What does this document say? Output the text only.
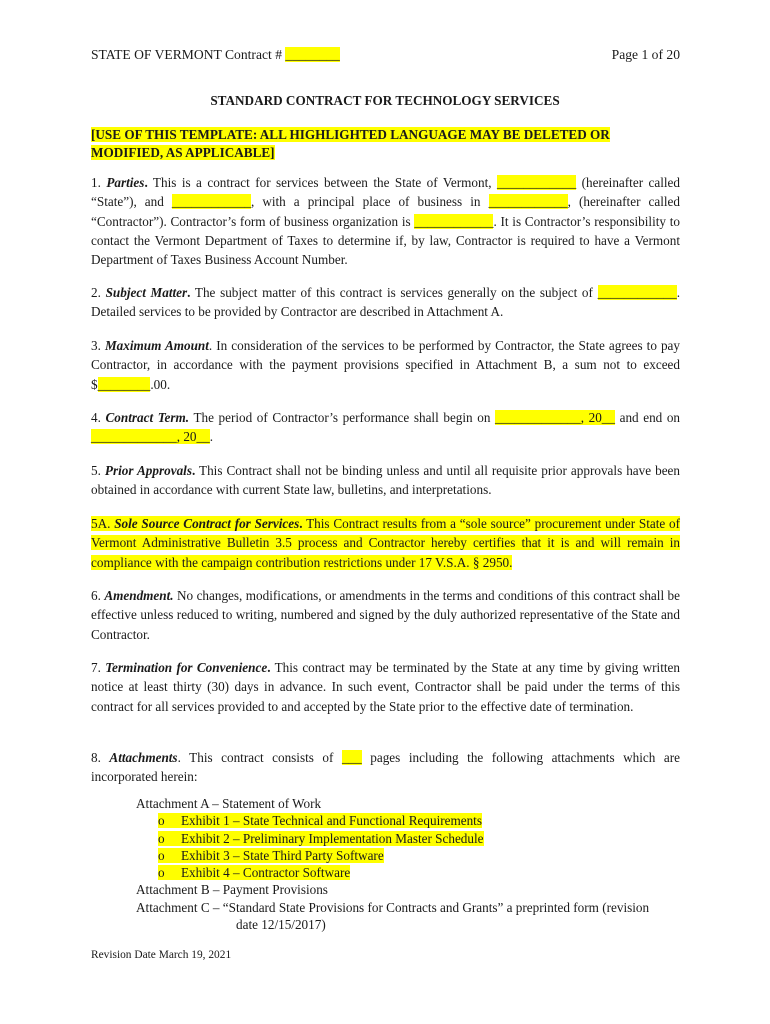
STATE OF VERMONT Contract # ________	Page 1 of 20
STANDARD CONTRACT FOR TECHNOLOGY SERVICES
[USE OF THIS TEMPLATE: ALL HIGHLIGHTED LANGUAGE MAY BE DELETED OR MODIFIED, AS APPLICABLE]
1. Parties. This is a contract for services between the State of Vermont, ____________ (hereinafter called “State”), and ____________, with a principal place of business in ____________, (hereinafter called “Contractor”). Contractor’s form of business organization is ____________. It is Contractor’s responsibility to contact the Vermont Department of Taxes to determine if, by law, Contractor is required to have a Vermont Department of Taxes Business Account Number.
2. Subject Matter. The subject matter of this contract is services generally on the subject of ____________. Detailed services to be provided by Contractor are described in Attachment A.
3. Maximum Amount. In consideration of the services to be performed by Contractor, the State agrees to pay Contractor, in accordance with the payment provisions specified in Attachment B, a sum not to exceed $________.00.
4. Contract Term. The period of Contractor’s performance shall begin on _____________, 20__ and end on _____________, 20__.
5. Prior Approvals. This Contract shall not be binding unless and until all requisite prior approvals have been obtained in accordance with current State law, bulletins, and interpretations.
5A. Sole Source Contract for Services. This Contract results from a “sole source” procurement under State of Vermont Administrative Bulletin 3.5 process and Contractor hereby certifies that it is and will remain in compliance with the campaign contribution restrictions under 17 V.S.A. § 2950.
6. Amendment. No changes, modifications, or amendments in the terms and conditions of this contract shall be effective unless reduced to writing, numbered and signed by the duly authorized representative of the State and Contractor.
7. Termination for Convenience. This contract may be terminated by the State at any time by giving written notice at least thirty (30) days in advance. In such event, Contractor shall be paid under the terms of this contract for all services provided to and accepted by the State prior to the effective date of termination.
8. Attachments. This contract consists of ___ pages including the following attachments which are incorporated herein:
Attachment A – Statement of Work
o Exhibit 1 – State Technical and Functional Requirements
o Exhibit 2 – Preliminary Implementation Master Schedule
o Exhibit 3 – State Third Party Software
o Exhibit 4 – Contractor Software
Attachment B – Payment Provisions
Attachment C – “Standard State Provisions for Contracts and Grants” a preprinted form (revision
date 12/15/2017)
Revision Date March 19, 2021
